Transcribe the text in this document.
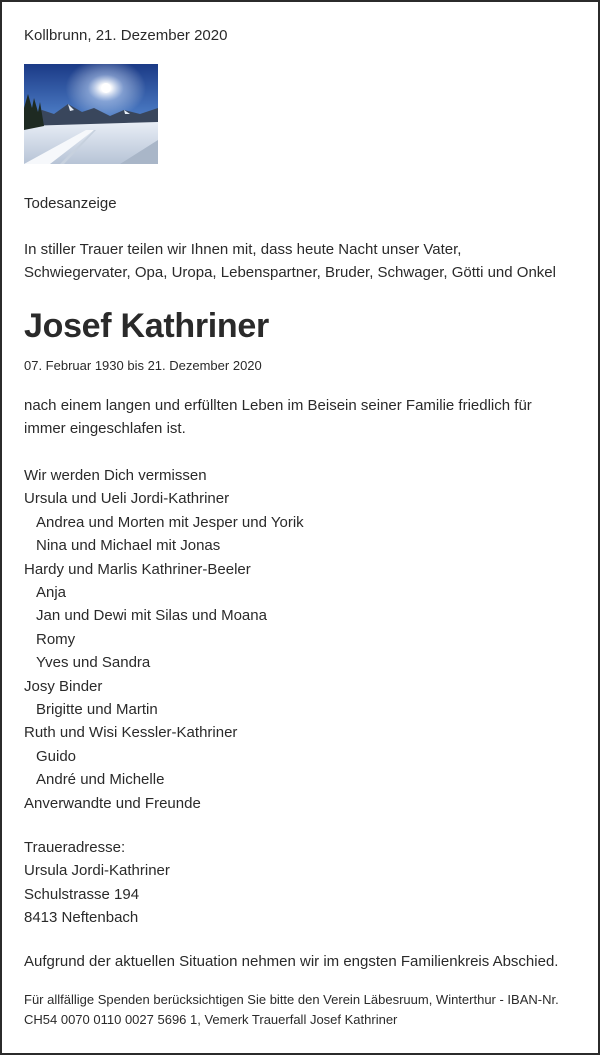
Kollbrunn, 21. Dezember 2020
Todesanzeige
In stiller Trauer teilen wir Ihnen mit, dass heute Nacht unser Vater,
Schwiegervater, Opa, Uropa, Lebenspartner, Bruder, Schwager, Götti und Onkel
Josef Kathriner
07. Februar 1930 bis 21. Dezember 2020
nach einem langen und erfüllten Leben im Beisein seiner Familie friedlich für
immer eingeschlafen ist.
Wir werden Dich vermissen
Ursula und Ueli Jordi-Kathriner
Andrea und Morten mit Jesper und Yorik
Nina und Michael mit Jonas
Hardy und Marlis Kathriner-Beeler
Anja
Jan und Dewi mit Silas und Moana
Romy
Yves und Sandra
Josy Binder
Brigitte und Martin
Ruth und Wisi Kessler-Kathriner
Guido
André und Michelle
Anverwandte und Freunde
Traueradresse:
Ursula Jordi-Kathriner
Schulstrasse 194
8413 Neftenbach
Aufgrund der aktuellen Situation nehmen wir im engsten Familienkreis Abschied.
Für allfällige Spenden berücksichtigen Sie bitte den Verein Läbesruum, Winterthur - IBAN-Nr.
CH54 0070 0110 0027 5696 1, Vemerk Trauerfall Josef Kathriner
